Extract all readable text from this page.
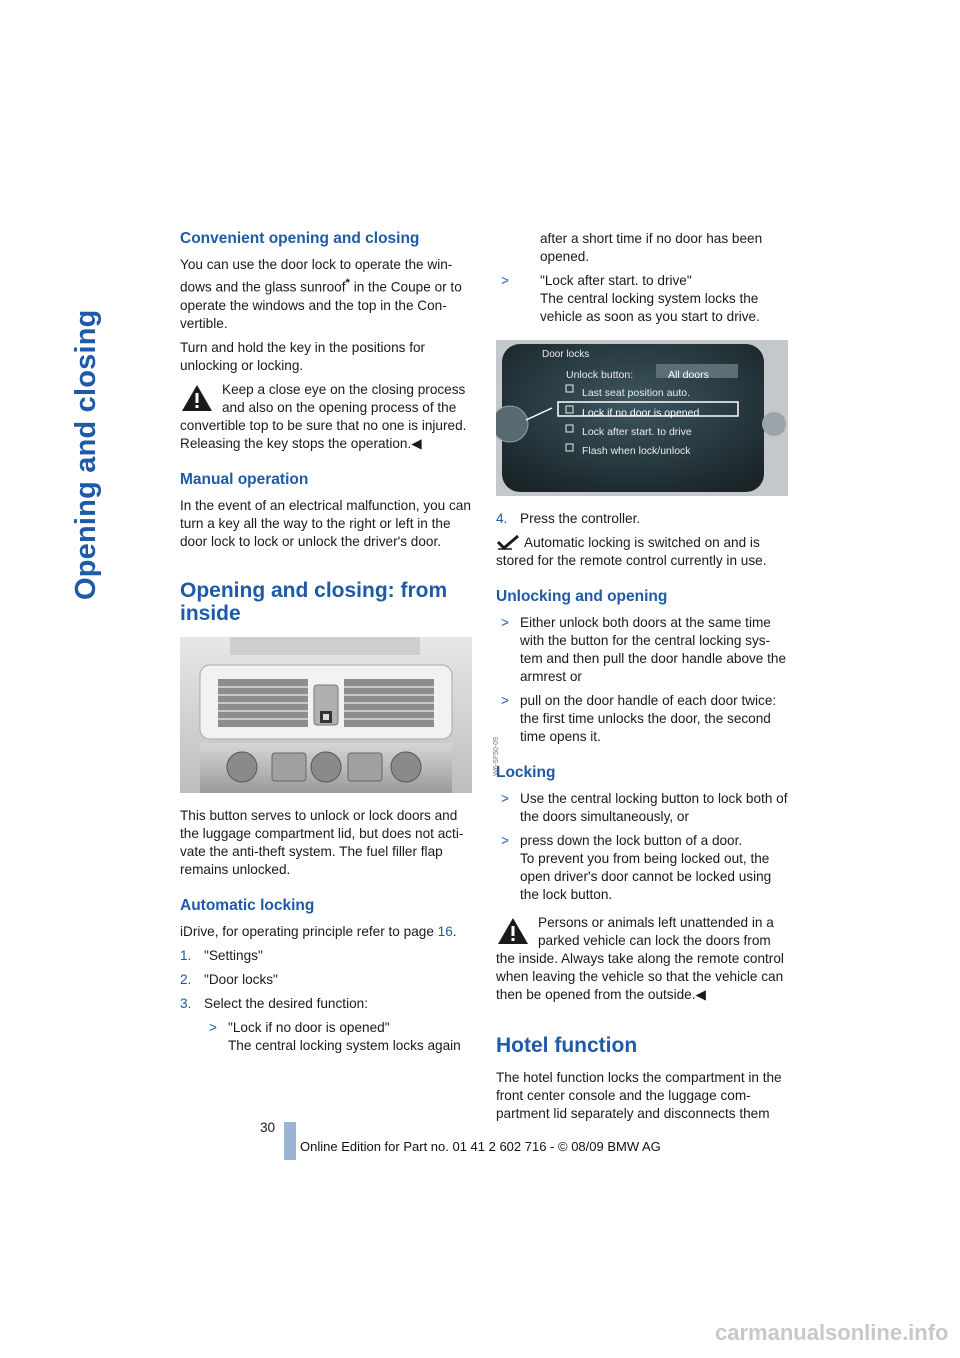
Opening and closing
Convenient opening and closing

You can use the door lock to operate the win-dows and the glass sunroof* in the Coupe or to operate the windows and the top in the Con-vertible.

Turn and hold the key in the positions for unlocking or locking.

Keep a close eye on the closing process and also on the opening process of the convertible top to be sure that no one is injured. Releasing the key stops the operation.◀

Manual operation

In the event of an electrical malfunction, you can turn a key all the way to the right or left in the door lock to lock or unlock the driver's door.

Opening and closing: from inside
W6-5F50-09

This button serves to unlock or lock doors and the luggage compartment lid, but does not acti-vate the anti-theft system. The fuel filler flap remains unlocked.

Automatic locking

iDrive, for operating principle refer to page 16.

1. "Settings"
2. "Door locks"
3. Select the desired function:
> "Lock if no door is opened"
The central locking system locks again

after a short time if no door has been opened.

> "Lock after start. to drive"
The central locking system locks the vehicle as soon as you start to drive.
Door locks
Unlock button:	All doors
Last seat position auto.
Lock if no door is opened
Lock after start. to drive
Flash when lock/unlock
4. Press the controller.

Automatic locking is switched on and is stored for the remote control currently in use.

Unlocking and opening
> Either unlock both doors at the same time with the button for the central locking sys-tem and then pull the door handle above the armrest or
> pull on the door handle of each door twice: the first time unlocks the door, the second time opens it.
Locking
> Use the central locking button to lock both of the doors simultaneously, or
> press down the lock button of a door.
To prevent you from being locked out, the open driver's door cannot be locked using the lock button.

Persons or animals left unattended in a parked vehicle can lock the doors from the inside. Always take along the remote control when leaving the vehicle so that the vehicle can then be opened from the outside.◀

Hotel function

The hotel function locks the compartment in the front center console and the luggage com-partment lid separately and disconnects them

30
Online Edition for Part no. 01 41 2 602 716 - © 08/09 BMW AG
carmanualsonline.info
